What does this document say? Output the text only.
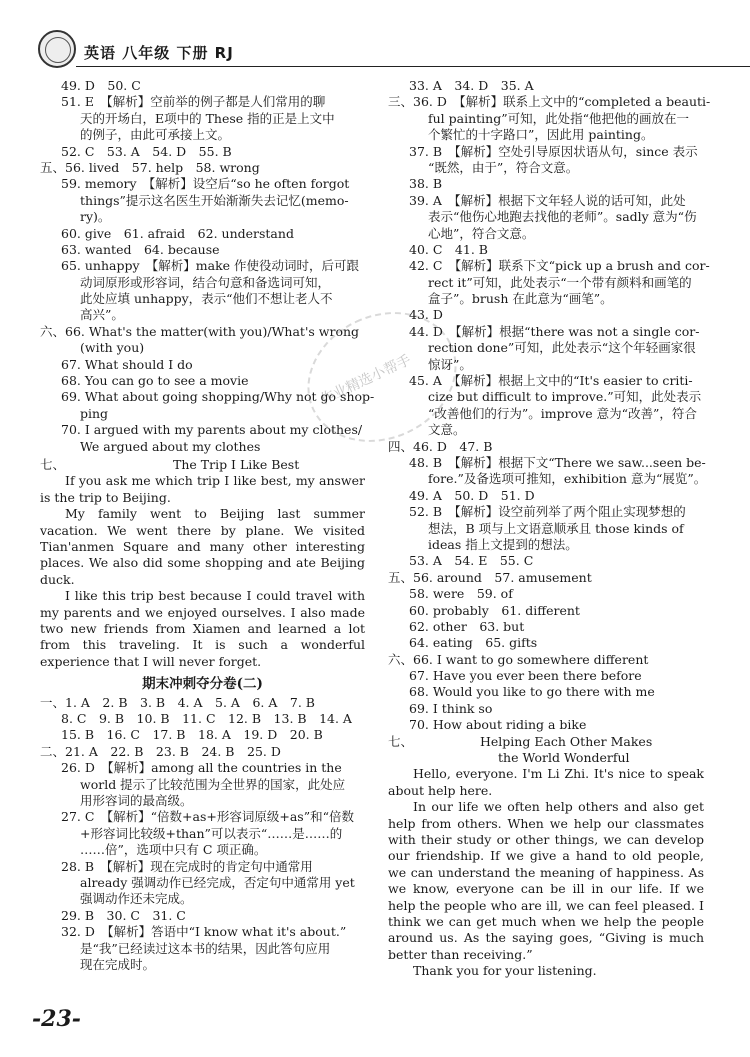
英语 八年级 下册 RJ
作业精选小帮手
49. D　50. C
51. E　【解析】空前举的例子都是人们常用的聊
天的开场白，E项中的 These 指的正是上文中
的例子，由此可承接上文。
52. C　53. A　54. D　55. B
五、56. lived　57. help　58. wrong
59. memory　【解析】设空后“so he often forgot
things”提示这名医生开始渐渐失去记忆(memo-
ry)。
60. give　61. afraid　62. understand
63. wanted　64. because
65. unhappy　【解析】make 作使役动词时，后可跟
动词原形或形容词，结合句意和备选词可知，
此处应填 unhappy，表示“他们不想让老人不
高兴”。
六、66. What's the matter(with you)/What's wrong
(with you)
67. What should I do
68. You can go to see a movie
69. What about going shopping/Why not go shop-
ping
70. I argued with my parents about my clothes/
We argued about my clothes
七、	The Trip I Like Best

If you ask me which trip I like best, my answer is the trip to Beijing.

My family went to Beijing last summer vacation. We went there by plane. We visited Tian'anmen Square and many other interesting places. We also did some shopping and ate Beijing duck.

I like this trip best because I could travel with my parents and we enjoyed ourselves. I also made two new friends from Xiamen and learned a lot from this traveling. It is such a wonderful experience that I will never forget.

期末冲刺夺分卷(二)
一、1. A　2. B　3. B　4. A　5. A　6. A　7. B
8. C　9. B　10. B　11. C　12. B　13. B　14. A
15. B　16. C　17. B　18. A　19. D　20. B
二、21. A　22. B　23. B　24. B　25. D
26. D　【解析】among all the countries in the
world 提示了比较范围为全世界的国家，此处应
用形容词的最高级。
27. C　【解析】“倍数+as+形容词原级+as”和“倍数
+形容词比较级+than”可以表示“……是……的
……倍”，选项中只有 C 项正确。
28. B　【解析】现在完成时的肯定句中通常用
already 强调动作已经完成，否定句中通常用 yet
强调动作还未完成。
29. B　30. C　31. C
32. D　【解析】答语中“I know what it's about.”
是“我”已经读过这本书的结果，因此答句应用
现在完成时。
33. A　34. D　35. A
三、36. D　【解析】联系上文中的“completed a beauti-
ful painting”可知，此处指“他把他的画放在一
个繁忙的十字路口”，因此用 painting。
37. B　【解析】空处引导原因状语从句，since 表示
“既然，由于”，符合文意。
38. B
39. A　【解析】根据下文年轻人说的话可知，此处
表示“他伤心地跑去找他的老师”。sadly 意为“伤
心地”，符合文意。
40. C　41. B
42. C　【解析】联系下文“pick up a brush and cor-
rect it”可知，此处表示“一个带有颜料和画笔的
盒子”。brush 在此意为“画笔”。
43. D
44. D　【解析】根据“there was not a single cor-
rection done”可知，此处表示“这个年轻画家很
惊讶”。
45. A　【解析】根据上文中的“It's easier to criti-
cize but difficult to improve.”可知，此处表示
“改善他们的行为”。improve 意为“改善”，符合
文意。
四、46. D　47. B
48. B　【解析】根据下文“There we saw...seen be-
fore.”及备选项可推知，exhibition 意为“展览”。
49. A　50. D　51. D
52. B　【解析】设空前列举了两个阻止实现梦想的
想法，B 项与上文语意顺承且 those kinds of
ideas 指上文提到的想法。
53. A　54. E　55. C
五、56. around　57. amusement
58. were　59. of
60. probably　61. different
62. other　63. but
64. eating　65. gifts
六、66. I want to go somewhere different
67. Have you ever been there before
68. Would you like to go there with me
69. I think so
70. How about riding a bike
七、	Helping Each Other Makes
the World Wonderful

Hello, everyone. I'm Li Zhi. It's nice to speak about help here.

In our life we often help others and also get help from others. When we help our classmates with their study or other things, we can develop our friendship. If we give a hand to old people, we can understand the meaning of happiness. As we know, everyone can be ill in our life. If we help the people who are ill, we can feel pleased. I think we can get much when we help the people around us. As the saying goes, “Giving is much better than receiving.”

Thank you for your listening.

-23-
